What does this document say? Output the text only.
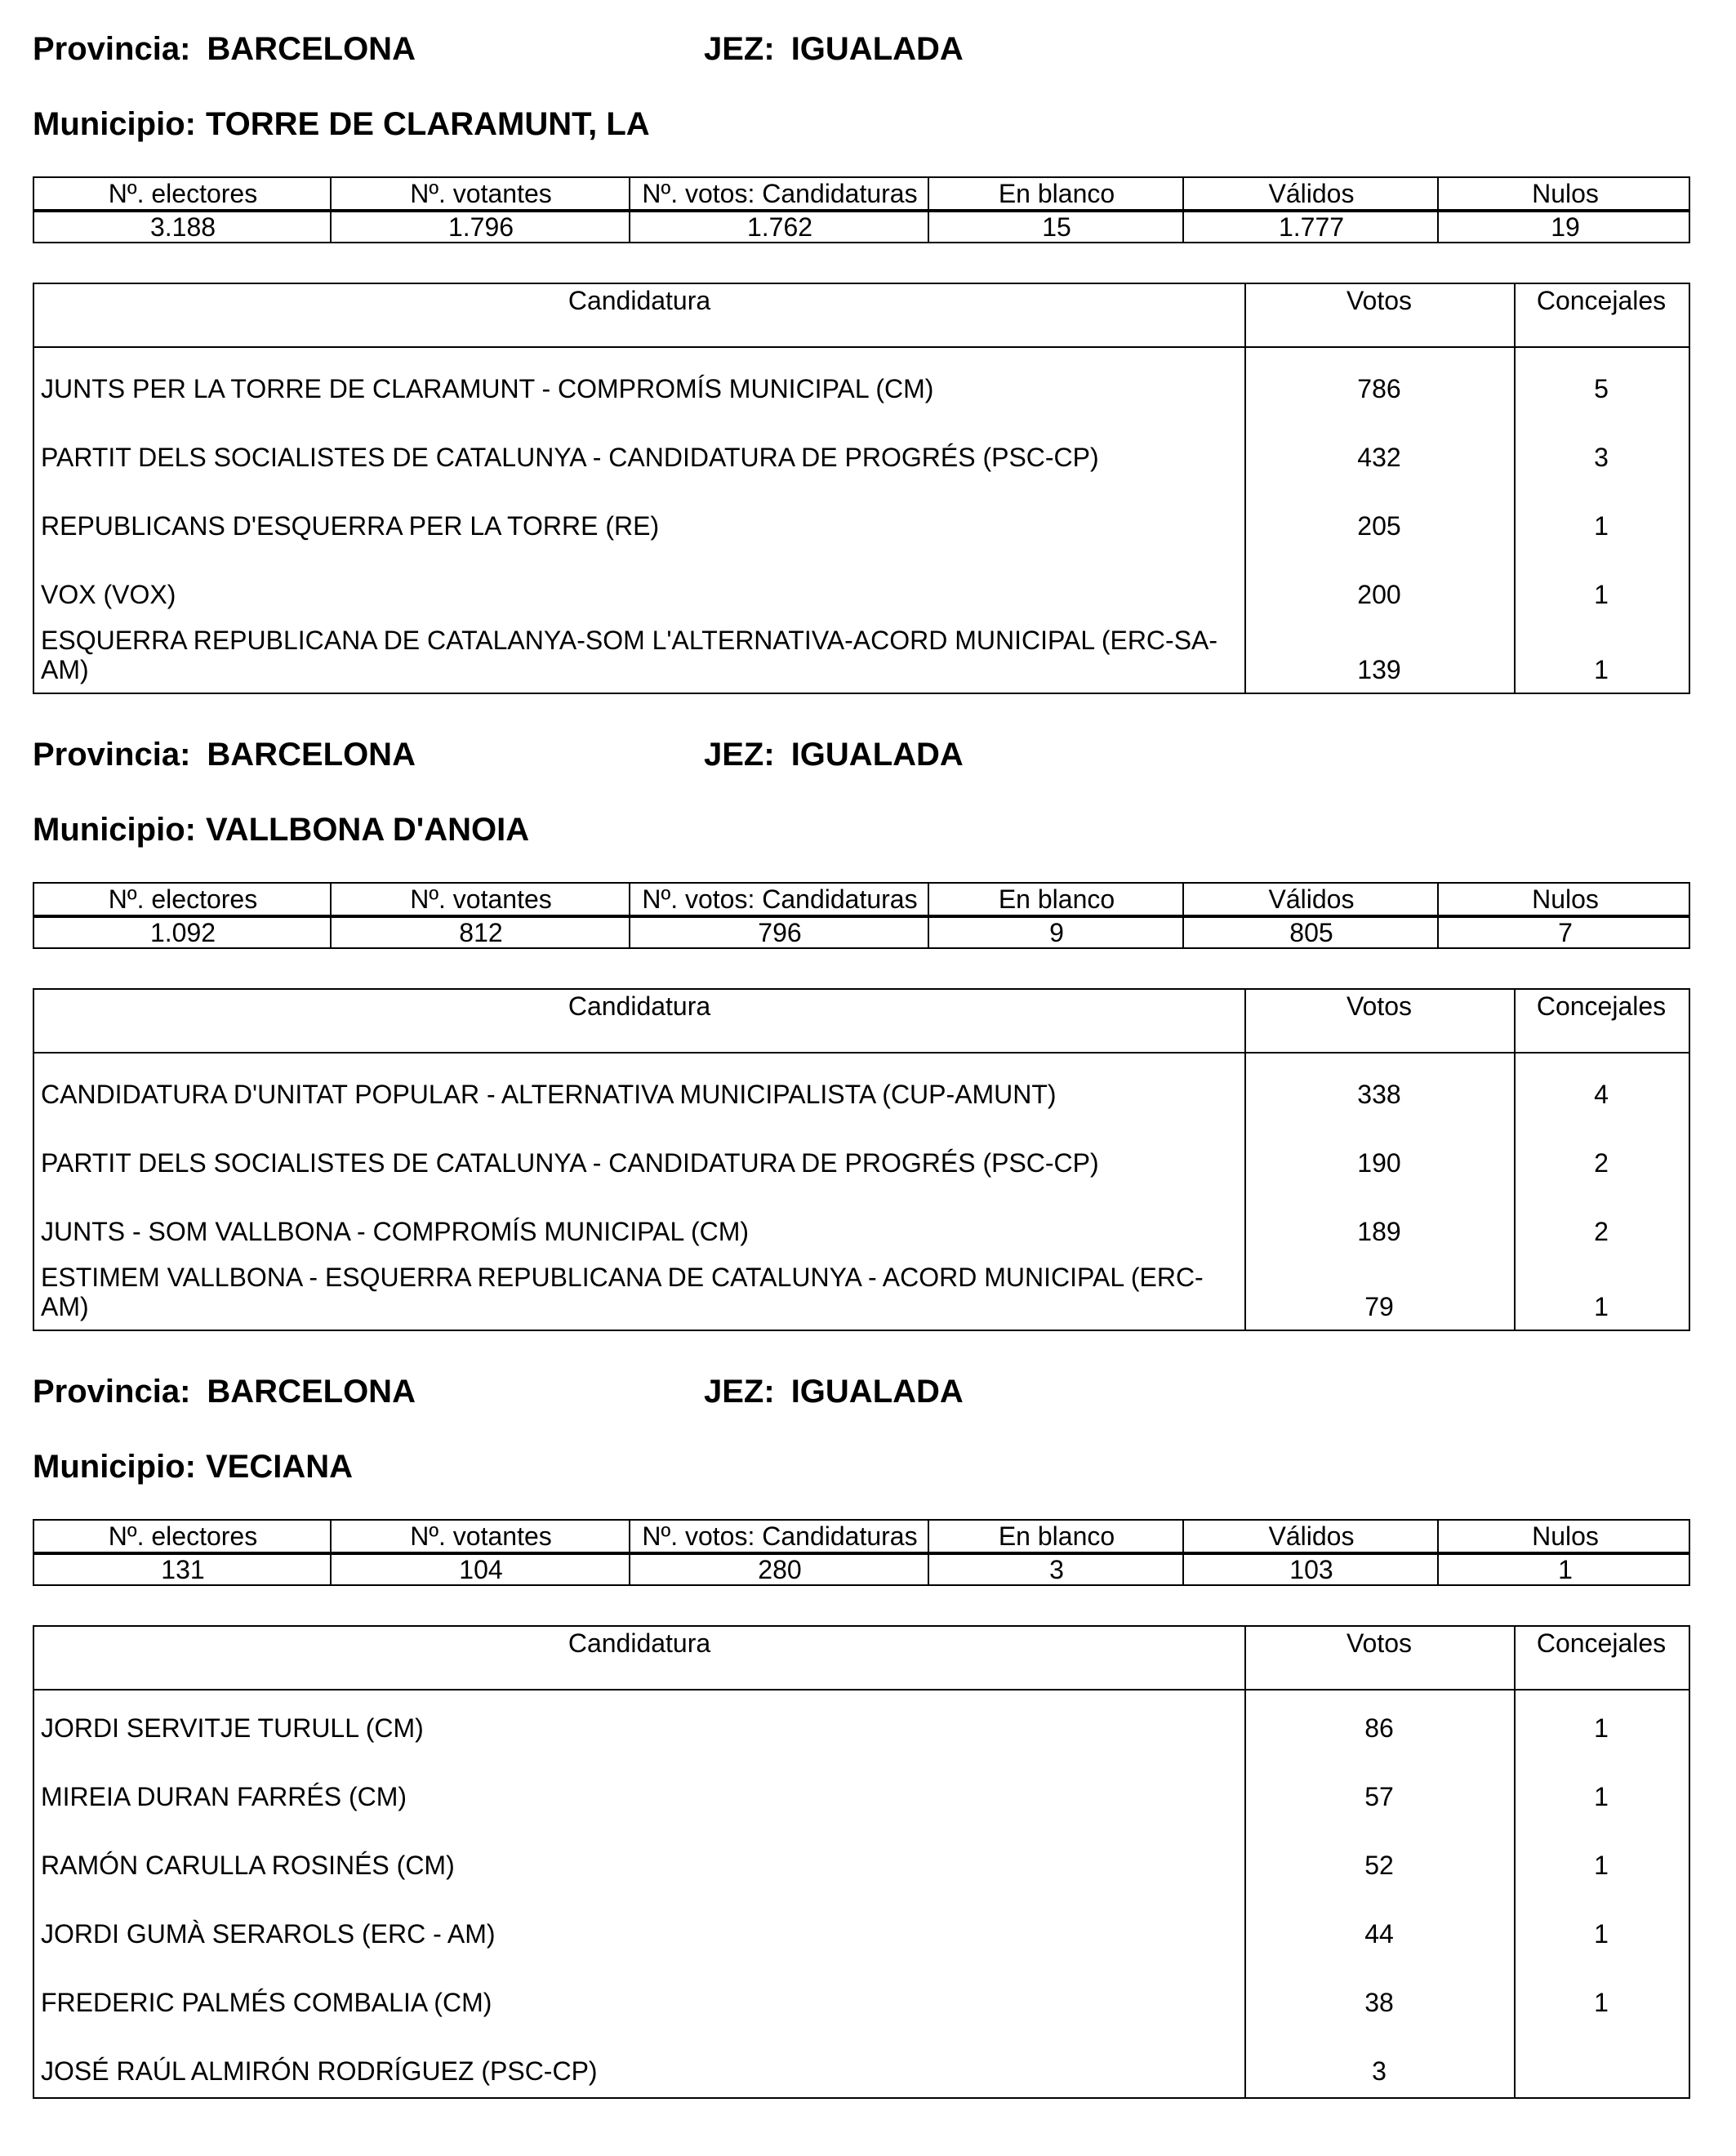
Provincia: BARCELONA	JEZ: IGUALADA
Municipio: TORRE DE CLARAMUNT, LA
Nº. electores	Nº. votantes	Nº. votos: Candidaturas	En blanco	Válidos	Nulos
3.188	1.796	1.762	15	1.777	19
Candidatura	Votos	Concejales
JUNTS PER LA TORRE DE CLARAMUNT - COMPROMÍS MUNICIPAL (CM)	786	5
PARTIT DELS SOCIALISTES DE CATALUNYA - CANDIDATURA DE PROGRÉS (PSC-CP)	432	3
REPUBLICANS D'ESQUERRA PER LA TORRE (RE)	205	1
VOX (VOX)	200	1
ESQUERRA REPUBLICANA DE CATALANYA-SOM L'ALTERNATIVA-ACORD MUNICIPAL (ERC-SA-AM)	139	1
Provincia: BARCELONA	JEZ: IGUALADA
Municipio: VALLBONA D'ANOIA
Nº. electores	Nº. votantes	Nº. votos: Candidaturas	En blanco	Válidos	Nulos
1.092	812	796	9	805	7
Candidatura	Votos	Concejales
CANDIDATURA D'UNITAT POPULAR - ALTERNATIVA MUNICIPALISTA (CUP-AMUNT)	338	4
PARTIT DELS SOCIALISTES DE CATALUNYA - CANDIDATURA DE PROGRÉS (PSC-CP)	190	2
JUNTS - SOM VALLBONA - COMPROMÍS MUNICIPAL (CM)	189	2
ESTIMEM VALLBONA - ESQUERRA REPUBLICANA DE CATALUNYA - ACORD MUNICIPAL (ERC-AM)	79	1
Provincia: BARCELONA	JEZ: IGUALADA
Municipio: VECIANA
Nº. electores	Nº. votantes	Nº. votos: Candidaturas	En blanco	Válidos	Nulos
131	104	280	3	103	1
Candidatura	Votos	Concejales
JORDI SERVITJE TURULL (CM)	86	1
MIREIA DURAN FARRÉS (CM)	57	1
RAMÓN CARULLA ROSINÉS (CM)	52	1
JORDI GUMÀ SERAROLS (ERC - AM)	44	1
FREDERIC PALMÉS COMBALIA (CM)	38	1
JOSÉ RAÚL ALMIRÓN RODRÍGUEZ (PSC-CP)	3
